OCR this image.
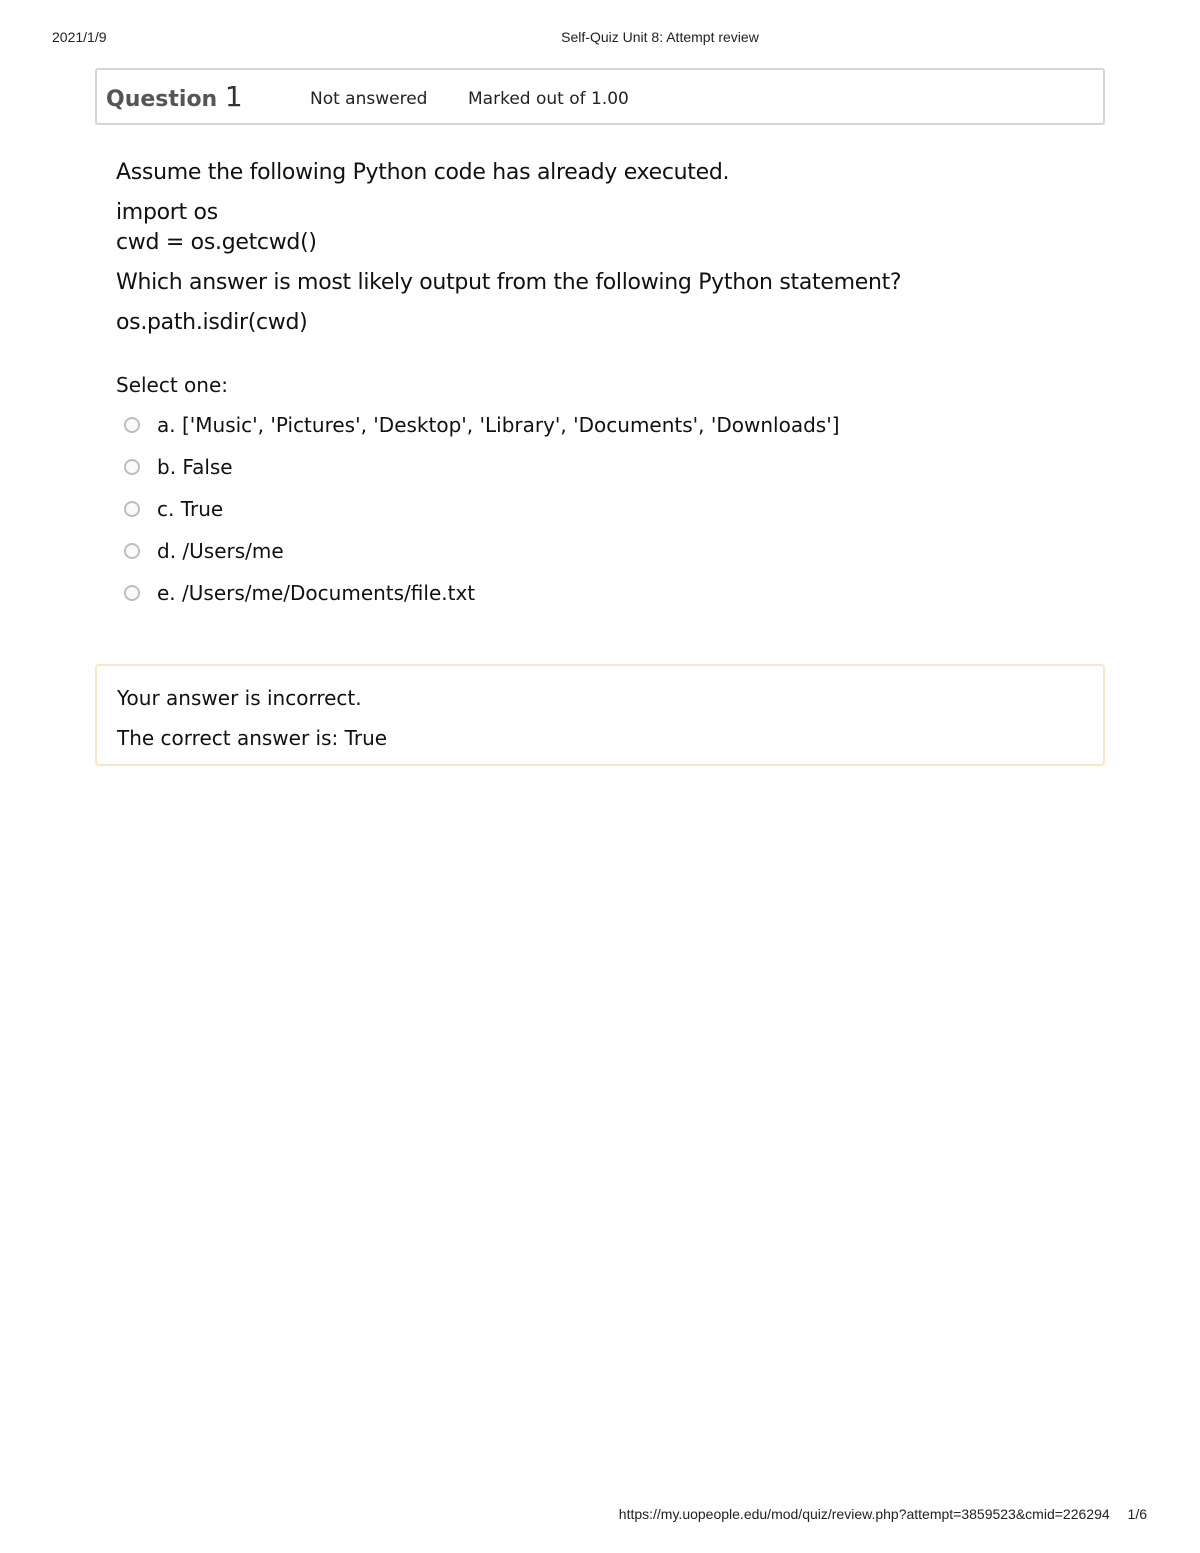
2021/1/9	Self-Quiz Unit 8: Attempt review
Question 1	Not answered Marked out of 1.00

Assume the following Python code has already executed.

import os

cwd = os.getcwd()

Which answer is most likely output from the following Python statement?

os.path.isdir(cwd)

Select one:
a. ['Music', 'Pictures', 'Desktop', 'Library', 'Documents', 'Downloads']
b. False
c. True
d. /Users/me
e. /Users/me/Documents/file.txt

Your answer is incorrect.

The correct answer is: True

https://my.uopeople.edu/mod/quiz/review.php?attempt=3859523&cmid=226294 1/6
